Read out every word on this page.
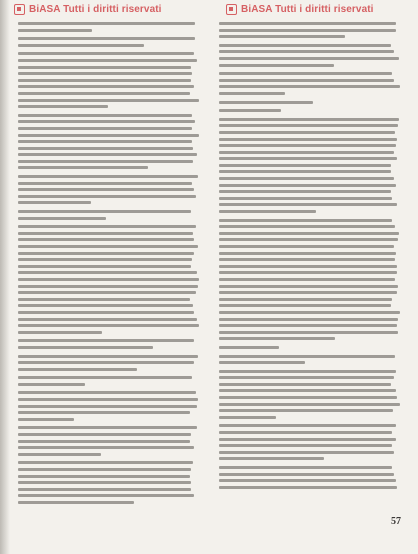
BiASA Tutti i diritti riservati	BiASA Tutti i diritti riservati
57
